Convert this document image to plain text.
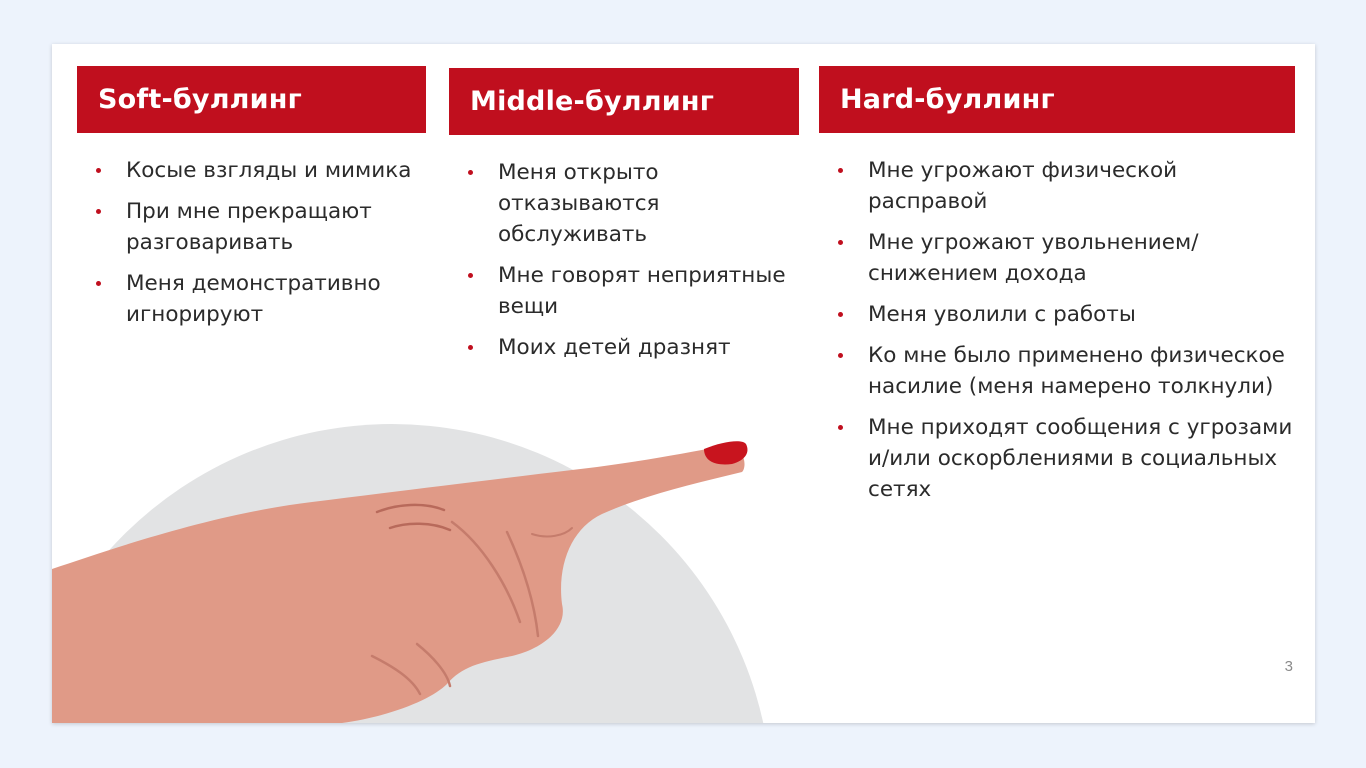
Soft-буллинг
Косые взгляды и мимика
При мне прекращают разговаривать
Меня демонстративно игнорируют
Middle-буллинг
Меня открыто отказываются обслуживать
Мне говорят неприятные вещи
Моих детей дразнят
Hard-буллинг
Мне угрожают физической расправой
Мне угрожают увольнением/ снижением дохода
Меня уволили с работы
Ко мне было применено физическое насилие (меня намерено толкнули)
Мне приходят сообщения с угрозами и/или оскорблениями в социальных сетях
3
